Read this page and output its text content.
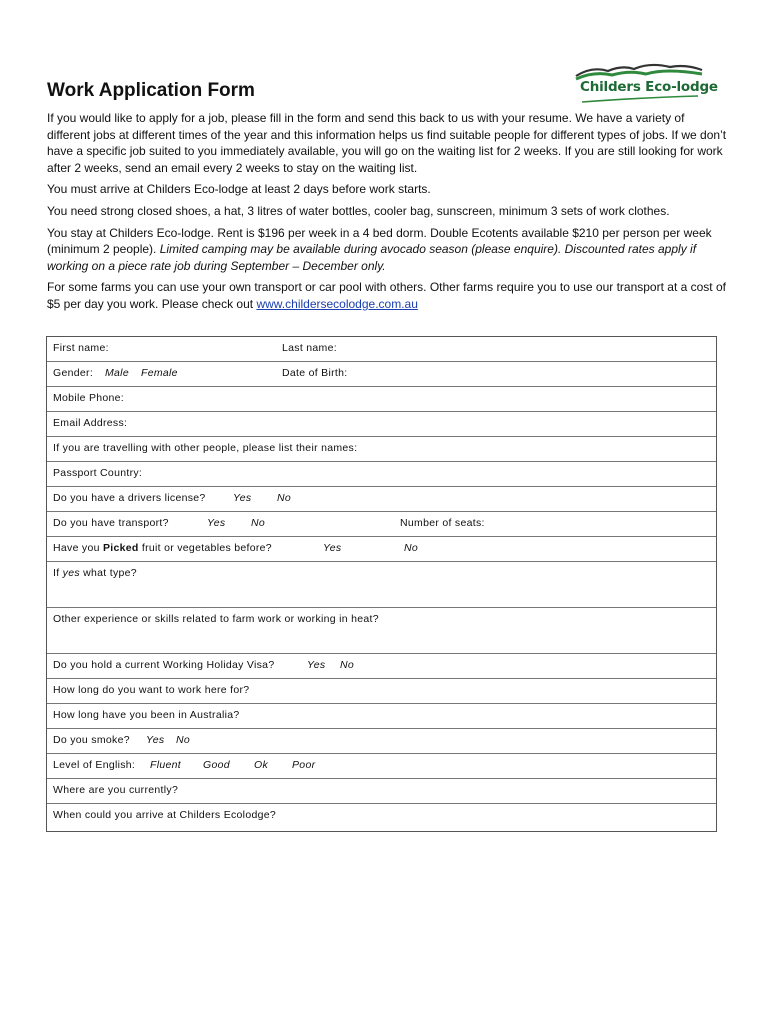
Childers Eco-lodge
Work Application Form

If you would like to apply for a job, please fill in the form and send this back to us with your resume. We have a variety of different jobs at different times of the year and this information helps us find suitable people for different types of jobs. If we don’t have a specific job suited to you immediately available, you will go on the waiting list for 2 weeks. If you are still looking for work after 2 weeks, send an email every 2 weeks to stay on the waiting list.

You must arrive at Childers Eco-lodge at least 2 days before work starts.

You need strong closed shoes, a hat, 3 litres of water bottles, cooler bag, sunscreen, minimum 3 sets of work clothes.

You stay at Childers Eco-lodge. Rent is $196 per week in a 4 bed dorm. Double Ecotents available $210 per person per week (minimum 2 people). Limited camping may be available during avocado season (please enquire). Discounted rates apply if working on a piece rate job during September – December only.

For some farms you can use your own transport or car pool with others. Other farms require you to use our transport at a cost of $5 per day you work. Please check out www.childersecolodge.com.au

First name:	Last name:
Gender: Male Female	Date of Birth:
Mobile Phone:
Email Address:
If you are travelling with other people, please list their names:
Passport Country:
Do you have a drivers license?	Yes No
Do you have transport?	Yes No	Number of seats:
Have you Picked fruit or vegetables before?	Yes	No
If yes what type?
Other experience or skills related to farm work or working in heat?
Do you hold a current Working Holiday Visa?	Yes No
How long do you want to work here for?
How long have you been in Australia?
Do you smoke? Yes No
Level of English: Fluent Good Ok Poor
Where are you currently?
When could you arrive at Childers Ecolodge?
